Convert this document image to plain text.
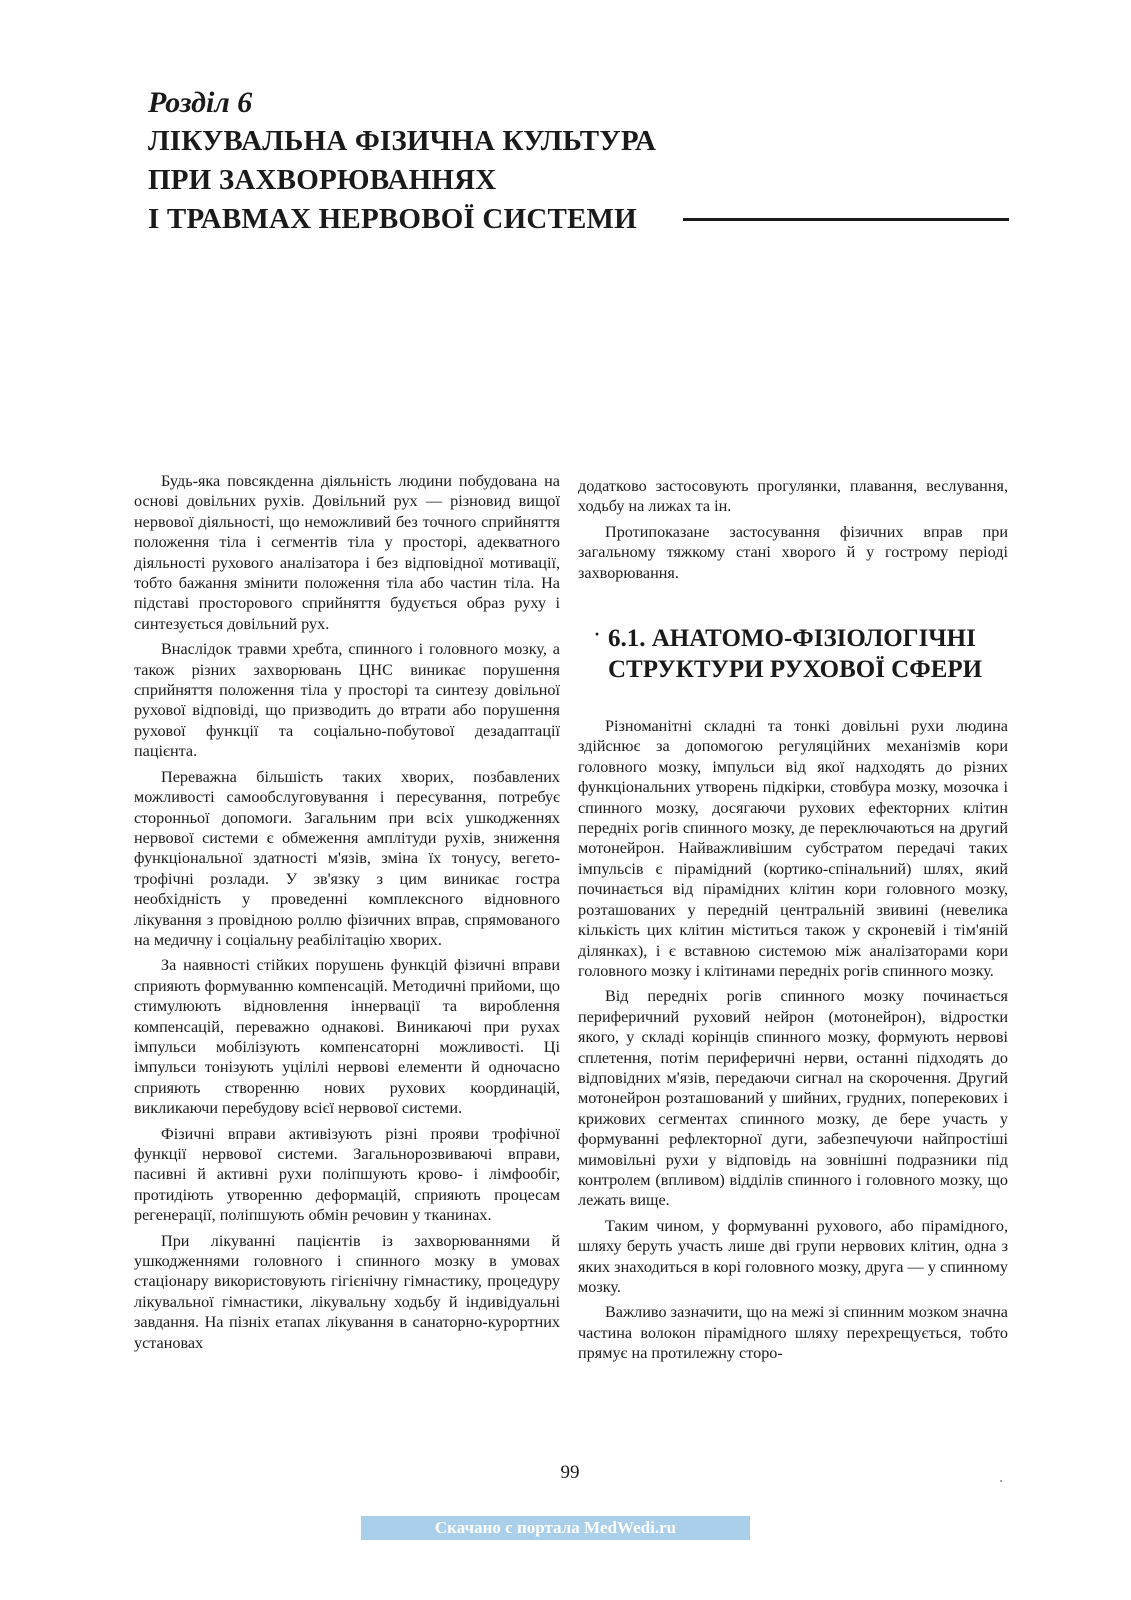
Розділ 6
ЛІКУВАЛЬНА ФІЗИЧНА КУЛЬТУРА
ПРИ ЗАХВОРЮВАННЯХ
І ТРАВМАХ НЕРВОВОЇ СИСТЕМИ

Будь-яка повсякденна діяльність людини побудована на основі довільних рухів. Довільний рух — різновид вищої нервової діяльності, що неможливий без точного сприйняття положення тіла і сегментів тіла у просторі, адекватного діяльності рухового аналізатора і без відповідної мотивації, тобто бажання змінити положення тіла або частин тіла. На підставі просторового сприйняття будується образ руху і синтезується довільний рух.

Внаслідок травми хребта, спинного і головного мозку, а також різних захворювань ЦНС виникає порушення сприйняття положення тіла у просторі та синтезу довільної рухової відповіді, що призводить до втрати або порушення рухової функції та соціально-побутової дезадаптації пацієнта.

Переважна більшість таких хворих, позбавлених можливості самообслуговування і пересування, потребує сторонньої допомоги. Загальним при всіх ушкодженнях нервової системи є обмеження амплітуди рухів, зниження функціональної здатності м'язів, зміна їх тонусу, вегето-трофічні розлади. У зв'язку з цим виникає гостра необхідність у проведенні комплексного відновного лікування з провідною роллю фізичних вправ, спрямованого на медичну і соціальну реабілітацію хворих.

За наявності стійких порушень функцій фізичні вправи сприяють формуванню компенсацій. Методичні прийоми, що стимулюють відновлення іннервації та вироблення компенсацій, переважно однакові. Виникаючі при рухах імпульси мобілізують компенсаторні можливості. Ці імпульси тонізують уцілілі нервові елементи й одночасно сприяють створенню нових рухових координацій, викликаючи перебудову всієї нервової системи.

Фізичні вправи активізують різні прояви трофічної функції нервової системи. Загальнорозвиваючі вправи, пасивні й активні рухи поліпшують крово- і лімфообіг, протидіють утворенню деформацій, сприяють процесам регенерації, поліпшують обмін речовин у тканинах.

При лікуванні пацієнтів із захворюваннями й ушкодженнями головного і спинного мозку в умовах стаціонару використовують гігієнічну гімнастику, процедуру лікувальної гімнастики, лікувальну ходьбу й індивідуальні завдання. На пізніх етапах лікування в санаторно-курортних установах

додатково застосовують прогулянки, плавання, веслування, ходьбу на лижах та ін.

Протипоказане застосування фізичних вправ при загальному тяжкому стані хворого й у гострому періоді захворювання.

· 6.1. АНАТОМО-ФІЗІОЛОГІЧНІ
СТРУКТУРИ РУХОВОЇ СФЕРИ

Різноманітні складні та тонкі довільні рухи людина здійснює за допомогою регуляційних механізмів кори головного мозку, імпульси від якої надходять до різних функціональних утворень підкірки, стовбура мозку, мозочка і спинного мозку, досягаючи рухових ефекторних клітин передніх рогів спинного мозку, де переключаються на другий мотонейрон. Найважливішим субстратом передачі таких імпульсів є пірамідний (кортико-спінальний) шлях, який починається від пірамідних клітин кори головного мозку, розташованих у передній центральній звивині (невелика кількість цих клітин міститься також у скроневій і тім'яній ділянках), і є вставною системою між аналізаторами кори головного мозку і клітинами передніх рогів спинного мозку.

Від передніх рогів спинного мозку починається периферичний руховий нейрон (мотонейрон), відростки якого, у складі корінців спинного мозку, формують нервові сплетення, потім периферичні нерви, останні підходять до відповідних м'язів, передаючи сигнал на скорочення. Другий мотонейрон розташований у шийних, грудних, поперекових і крижових сегментах спинного мозку, де бере участь у формуванні рефлекторної дуги, забезпечуючи найпростіші мимовільні рухи у відповідь на зовнішні подразники під контролем (впливом) відділів спинного і головного мозку, що лежать вище.

Таким чином, у формуванні рухового, або пірамідного, шляху беруть участь лише дві групи нервових клітин, одна з яких знаходиться в корі головного мозку, друга — у спинному мозку.

Важливо зазначити, що на межі зі спинним мозком значна частина волокон пірамідного шляху перехрещується, тобто прямує на протилежну сторо-

99

Скачано с портала MedWedi.ru
